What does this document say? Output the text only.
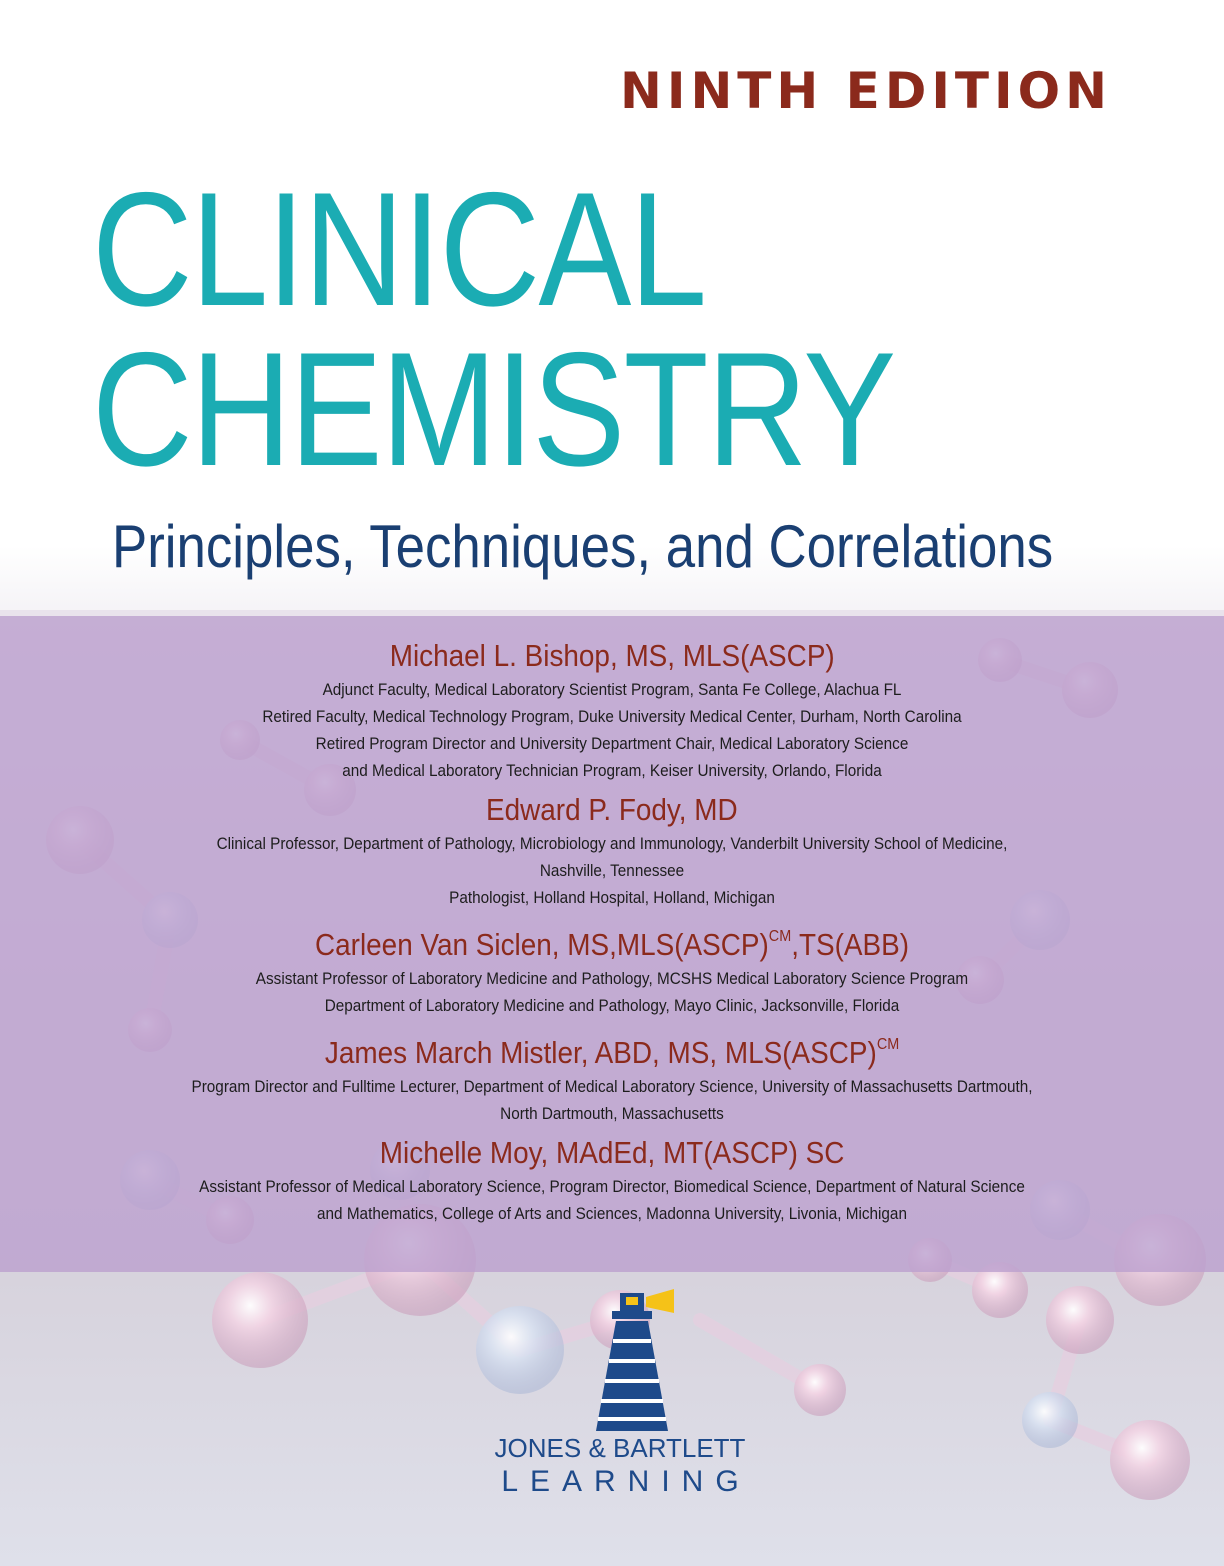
NINTH EDITION
CLINICAL
CHEMISTRY
Principles, Techniques, and Correlations
Michael L. Bishop, MS, MLS(ASCP)
Adjunct Faculty, Medical Laboratory Scientist Program, Santa Fe College, Alachua FL
Retired Faculty, Medical Technology Program, Duke University Medical Center, Durham, North Carolina
Retired Program Director and University Department Chair, Medical Laboratory Science
and Medical Laboratory Technician Program, Keiser University, Orlando, Florida
Edward P. Fody, MD
Clinical Professor, Department of Pathology, Microbiology and Immunology, Vanderbilt University School of Medicine,
Nashville, Tennessee
Pathologist, Holland Hospital, Holland, Michigan
Carleen Van Siclen, MS,MLS(ASCP)$^{CM}$,TS(ABB)
Assistant Professor of Laboratory Medicine and Pathology, MCSHS Medical Laboratory Science Program
Department of Laboratory Medicine and Pathology, Mayo Clinic, Jacksonville, Florida
James March Mistler, ABD, MS, MLS(ASCP)$^{CM}$
Program Director and Fulltime Lecturer, Department of Medical Laboratory Science, University of Massachusetts Dartmouth,
North Dartmouth, Massachusetts
Michelle Moy, MAdEd, MT(ASCP) SC
Assistant Professor of Medical Laboratory Science, Program Director, Biomedical Science, Department of Natural Science
and Mathematics, College of Arts and Sciences, Madonna University, Livonia, Michigan
JONES & BARTLETT
LEARNING
